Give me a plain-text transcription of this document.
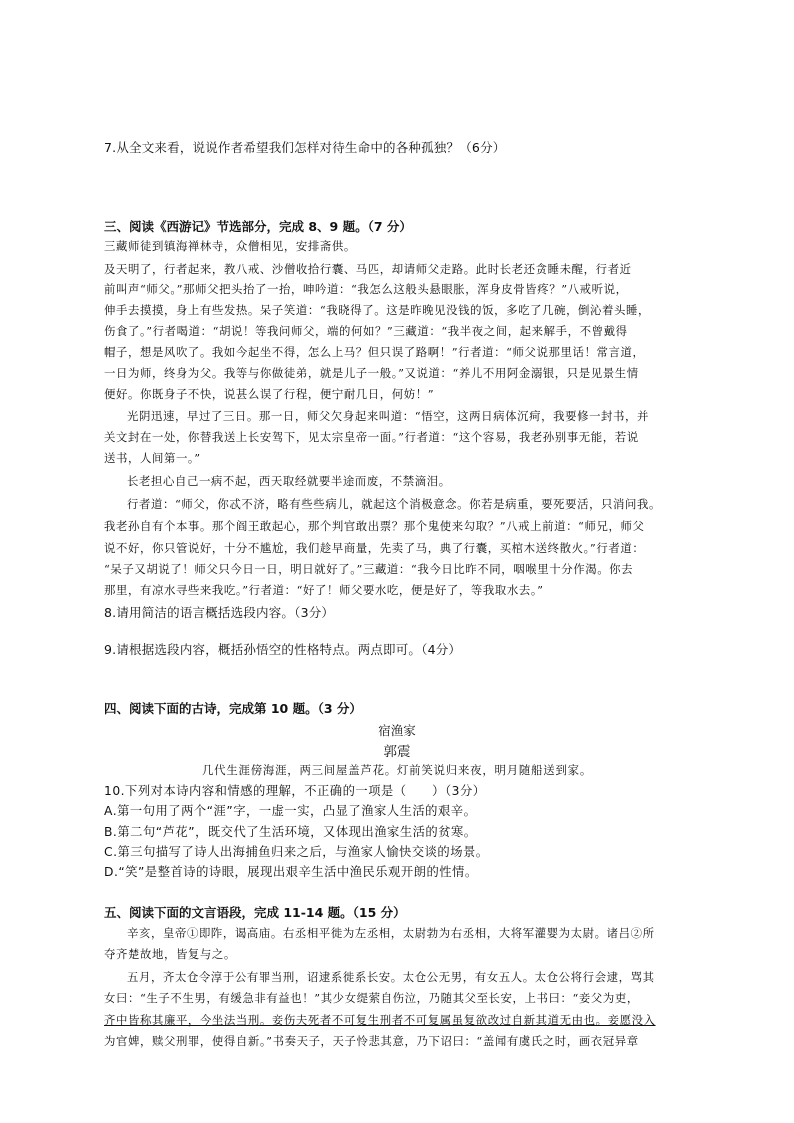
7.从全文来看，说说作者希望我们怎样对待生命中的各种孤独？（6分）
三、阅读《西游记》节选部分，完成 8、9 题。（7 分）
三藏师徒到镇海禅林寺，众僧相见，安排斋供。
及天明了，行者起来，教八戒、沙僧收拾行囊、马匹，却请师父走路。此时长老还贪睡未醒，行者近
前叫声“师父。”那师父把头抬了一抬，呻吟道：“我怎么这般头悬眼胀，浑身皮骨皆疼？”八戒听说，
伸手去摸摸，身上有些发热。呆子笑道：“我晓得了。这是昨晚见没钱的饭，多吃了几碗，倒沁着头睡，
伤食了。”行者喝道：“胡说！等我问师父，端的何如？”三藏道：“我半夜之间，起来解手，不曾戴得
帽子，想是风吹了。我如今起坐不得，怎么上马？但只误了路啊！”行者道：“师父说那里话！常言道，
一日为师，终身为父。我等与你做徒弟，就是儿子一般。”又说道：“养儿不用阿金溺银，只是见景生情
便好。你既身子不快，说甚么误了行程，便宁耐几日，何妨！”
光阴迅速，早过了三日。那一日，师父欠身起来叫道：“悟空，这两日病体沉疴，我要修一封书，并
关文封在一处，你替我送上长安驾下，见太宗皇帝一面。”行者道：“这个容易，我老孙别事无能，若说
送书，人间第一。”
长老担心自己一病不起，西天取经就要半途而废，不禁滴泪。
行者道：“师父，你忒不济，略有些些病儿，就起这个消极意念。你若是病重，要死要活，只消问我。
我老孙自有个本事。那个阎王敢起心，那个判官敢出票？那个鬼使来勾取？”八戒上前道：“师兄，师父
说不好，你只管说好，十分不尴尬，我们趁早商量，先卖了马，典了行囊，买棺木送终散火。”行者道：
“呆子又胡说了！师父只今日一日，明日就好了。”三藏道：“我今日比昨不同，咽喉里十分作渴。你去
那里，有凉水寻些来我吃。”行者道：“好了！师父要水吃，便是好了，等我取水去。”
8.请用简洁的语言概括选段内容。（3分）
9.请根据选段内容，概括孙悟空的性格特点。两点即可。（4分）
四、阅读下面的古诗，完成第 10 题。（3 分）
宿渔家
郭震
几代生涯傍海涯，两三间屋盖芦花。灯前笑说归来夜，明月随船送到家。
10.下列对本诗内容和情感的理解，不正确的一项是（　　）（3分）
A.第一句用了两个“涯”字，一虚一实，凸显了渔家人生活的艰辛。
B.第二句“芦花”，既交代了生活环境，又体现出渔家生活的贫寒。
C.第三句描写了诗人出海捕鱼归来之后，与渔家人愉快交谈的场景。
D.“笑”是整首诗的诗眼，展现出艰辛生活中渔民乐观开朗的性情。
五、阅读下面的文言语段，完成 11-14 题。（15 分）
辛亥，皇帝①即阼，谒高庙。右丞相平徙为左丞相，太尉勃为右丞相，大将军灌婴为太尉。诸吕②所
夺齐楚故地，皆复与之。
五月，齐太仓令淳于公有罪当刑，诏逮系徙系长安。太仓公无男，有女五人。太仓公将行会逮，骂其
女曰：“生子不生男，有缓急非有益也！”其少女缇萦自伤泣，乃随其父至长安，上书曰：“妾父为吏，
齐中皆称其廉平，今坐法当刑。妾伤夫死者不可复生刑者不可复属虽复欲改过自新其道无由也。妾愿没入
为官婢，赎父刑罪，使得自新。”书奏天子，天子怜悲其意，乃下诏曰：“盖闻有虞氏之时，画衣冠异章
